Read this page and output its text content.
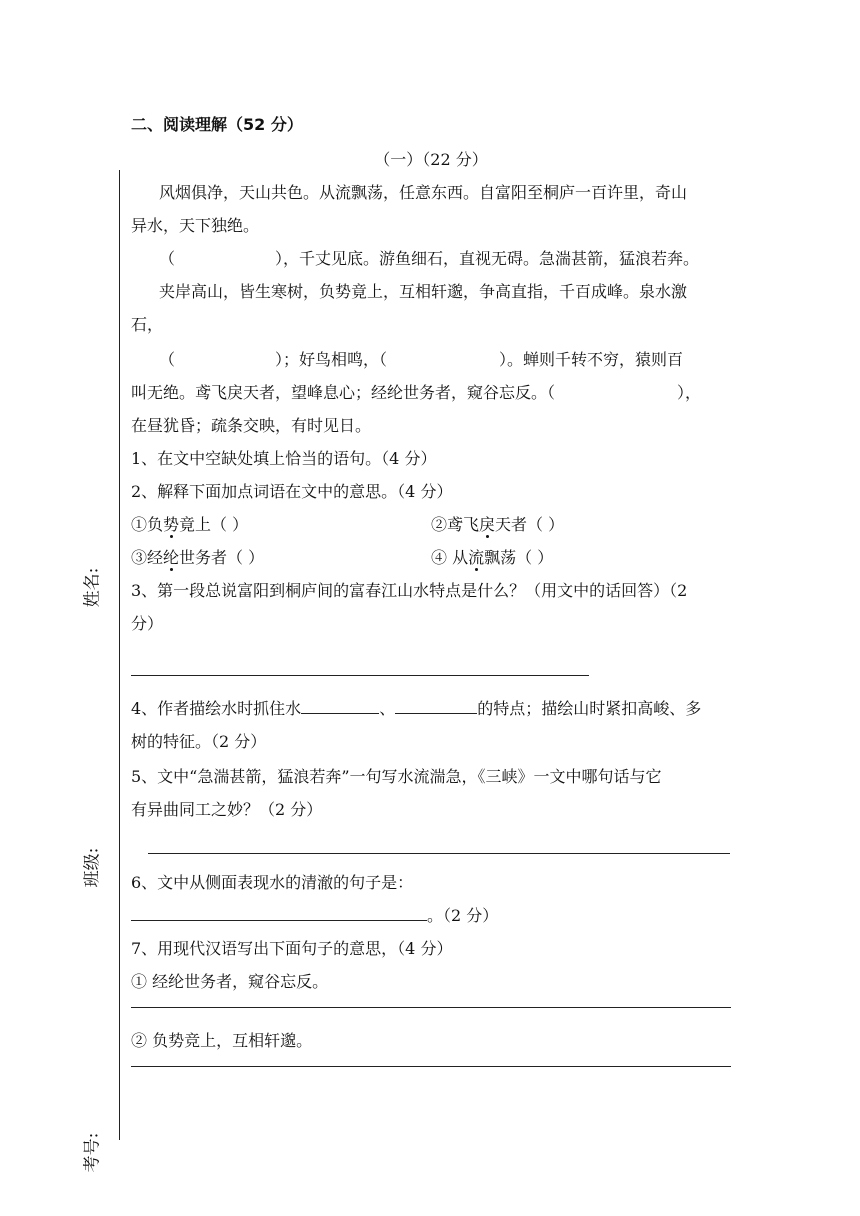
姓名:
班级:
考号:
二、阅读理解（52 分）
（一）（22 分）
风烟俱净，天山共色。从流飘荡，任意东西。自富阳至桐庐一百许里，奇山
异水，天下独绝。
（	），千丈见底。游鱼细石，直视无碍。急湍甚箭，猛浪若奔。
夹岸高山，皆生寒树，负势竟上，互相轩邈，争高直指，千百成峰。泉水激
石，
（	）；好鸟相鸣，（	）。蝉则千转不穷，猿则百
叫无绝。鸢飞戾天者，望峰息心；经纶世务者，窥谷忘反。（	），
在昼犹昏；疏条交映，有时见日。
1、在文中空缺处填上恰当的语句。（4 分）
2、解释下面加点词语在文中的意思。（4 分）
①负势竟上（ ）	②鸢飞戾天者（ ）
③经纶世务者（ ）	④ 从流飘荡（ ）
3、第一段总说富阳到桐庐间的富春江山水特点是什么？（用文中的话回答）（2
分）
4、作者描绘水时抓住水	、	的特点；描绘山时紧扣高峻、多
树的特征。（2 分）
5、文中“急湍甚箭，猛浪若奔”一句写水流湍急，《三峡》一文中哪句话与它
有异曲同工之妙？（2 分）
6、文中从侧面表现水的清澈的句子是：
。（2 分）
7、用现代汉语写出下面句子的意思，（4 分）
① 经纶世务者，窥谷忘反。
② 负势竞上，互相轩邈。
